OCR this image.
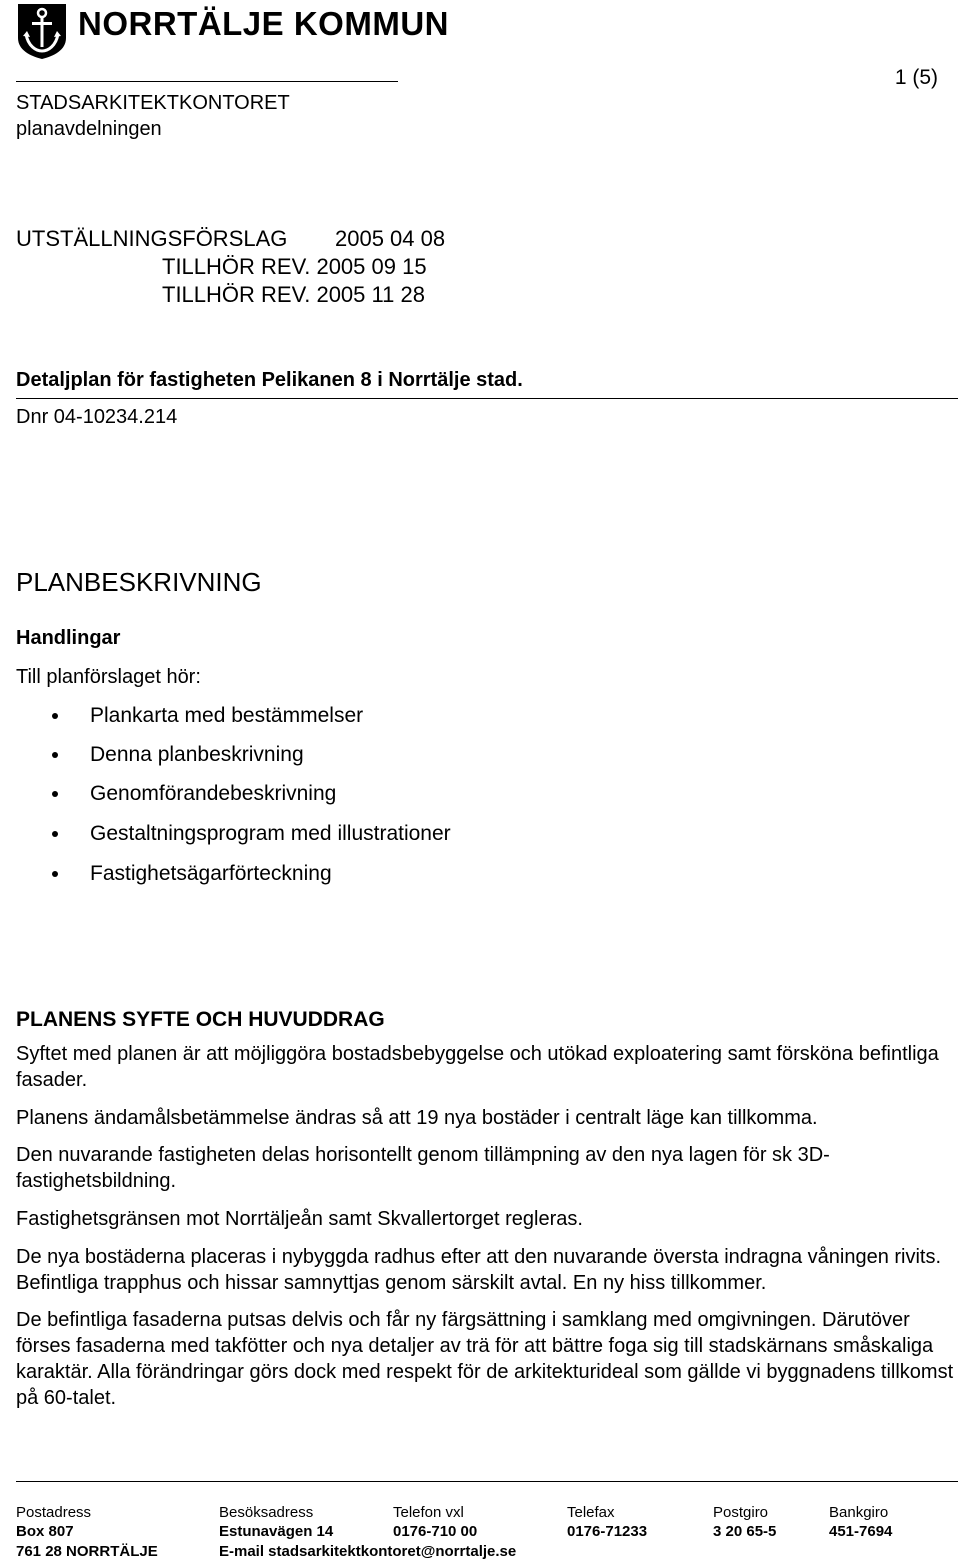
NORRTÄLJE KOMMUN
1 (5)
STADSARKITEKTKONTORET
planavdelningen
UTSTÄLLNINGSFÖRSLAG 2005 04 08
TILLHÖR REV. 2005 09 15
TILLHÖR REV. 2005 11 28
Detaljplan för fastigheten Pelikanen 8 i Norrtälje stad.
Dnr 04-10234.214
PLANBESKRIVNING
Handlingar
Till planförslaget hör:
Plankarta med bestämmelser
Denna planbeskrivning
Genomförandebeskrivning
Gestaltningsprogram med illustrationer
Fastighetsägarförteckning
PLANENS SYFTE OCH HUVUDDRAG

Syftet med planen är att möjliggöra bostadsbebyggelse och utökad exploatering samt försköna befintliga fasader.

Planens ändamålsbetämmelse ändras så att 19 nya bostäder i centralt läge kan tillkomma.

Den nuvarande fastigheten delas horisontellt genom tillämpning av den nya lagen för sk 3D-fastighetsbildning.

Fastighetsgränsen mot Norrtäljeån samt Skvallertorget regleras.

De nya bostäderna placeras i nybyggda radhus efter att den nuvarande översta indragna våningen rivits. Befintliga trapphus och hissar samnyttjas genom särskilt avtal. En ny hiss tillkommer.

De befintliga fasaderna putsas delvis och får ny färgsättning i samklang med omgivningen. Därutöver förses fasaderna med takfötter och nya detaljer av trä för att bättre foga sig till stadskärnans småskaliga karaktär. Alla förändringar görs dock med respekt för de arkitekturideal som gällde vi byggnadens tillkomst på 60-talet.

Postadress
Box 807
761 28 NORRTÄLJE
Besöksadress
Estunavägen 14
E-mail stadsarkitektkontoret@norrtalje.se
Telefon vxl
0176-710 00
Telefax
0176-71233
Postgiro
3 20 65-5
Bankgiro
451-7694
